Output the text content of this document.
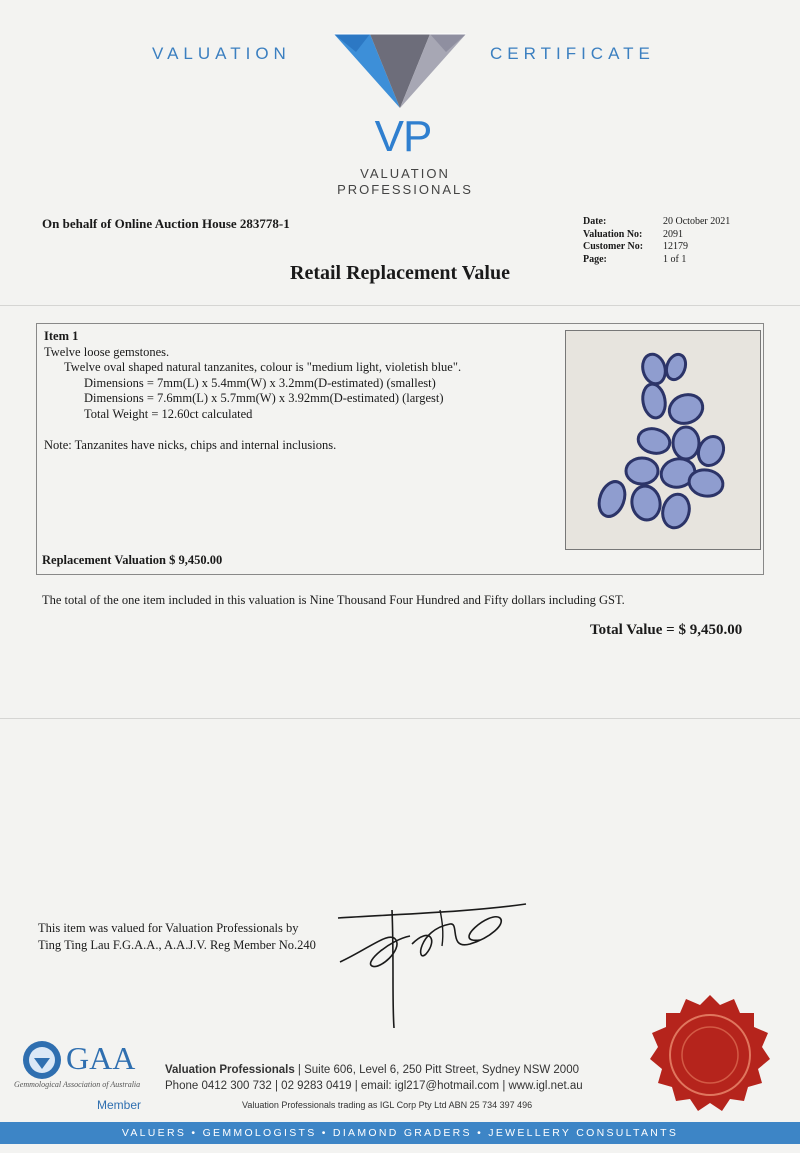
VALUATION	CERTIFICATE
VP
VALUATION
PROFESSIONALS
On behalf of Online Auction House 283778-1	Date:	20 October 2021
Valuation No:	2091
Customer No:	12179
Page:	1 of 1
Retail Replacement Value
Item 1
Twelve loose gemstones.
Twelve oval shaped natural tanzanites, colour is "medium light, violetish blue".
Dimensions = 7mm(L) x 5.4mm(W) x 3.2mm(D-estimated) (smallest)
Dimensions = 7.6mm(L) x 5.7mm(W) x 3.92mm(D-estimated) (largest)
Total Weight = 12.60ct calculated
Note: Tanzanites have nicks, chips and internal inclusions.
Replacement Valuation $ 9,450.00
The total of the one item included in this valuation is Nine Thousand Four Hundred and Fifty dollars including GST.
Total Value = $ 9,450.00
This item was valued for Valuation Professionals by
Ting Ting Lau F.G.A.A., A.A.J.V. Reg Member No.240
GAA
Gemmological Association of Australia
Member
Valuation Professionals | Suite 606, Level 6, 250 Pitt Street, Sydney NSW 2000
Phone 0412 300 732 | 02 9283 0419 | email: igl217@hotmail.com | www.igl.net.au
Valuation Professionals trading as IGL Corp Pty Ltd ABN 25 734 397 496
VALUERS • GEMMOLOGISTS • DIAMOND GRADERS • JEWELLERY CONSULTANTS
